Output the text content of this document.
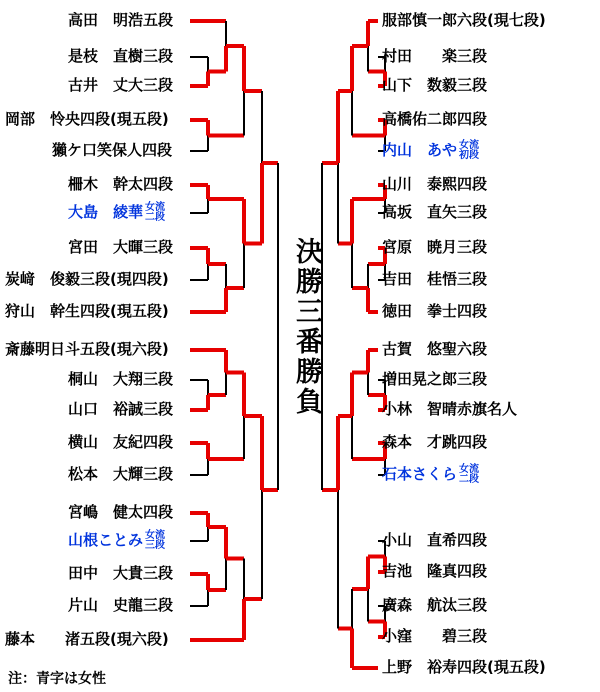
高田　明浩五段
是枝　直樹三段
古井　丈大三段
岡部　怜央四段(現五段)
獺ケ口笑保人四段
柵木　幹太四段
大島　綾華 女流
二段
宮田　大暉三段
炭﨑　俊毅三段(現四段)
狩山　幹生四段(現五段)
斎藤明日斗五段(現六段)
桐山　大翔三段
山口　裕誠三段
横山　友紀四段
松本　大輝三段
宮嶋　健太四段
山根ことみ 女流
三段
田中　大貴三段
片山　史龍三段
藤本　　渚五段(現六段)
服部慎一郎六段(現七段)
村田　　楽三段
山下　数毅三段
高橋佑二郎四段
内山　あや 女流
初段
山川　泰熙四段
高坂　直矢三段
宮原　暁月三段
吉田　桂悟三段
徳田　拳士四段
古賀　悠聖六段
増田晃之郎三段
小林　智晴赤旗名人
森本　才跳四段
石本さくら 女流
二段
小山　直希四段
吉池　隆真四段
廣森　航汰三段
小窪　　碧三段
上野　裕寿四段(現五段)
決勝三番勝負
注：青字は女性
